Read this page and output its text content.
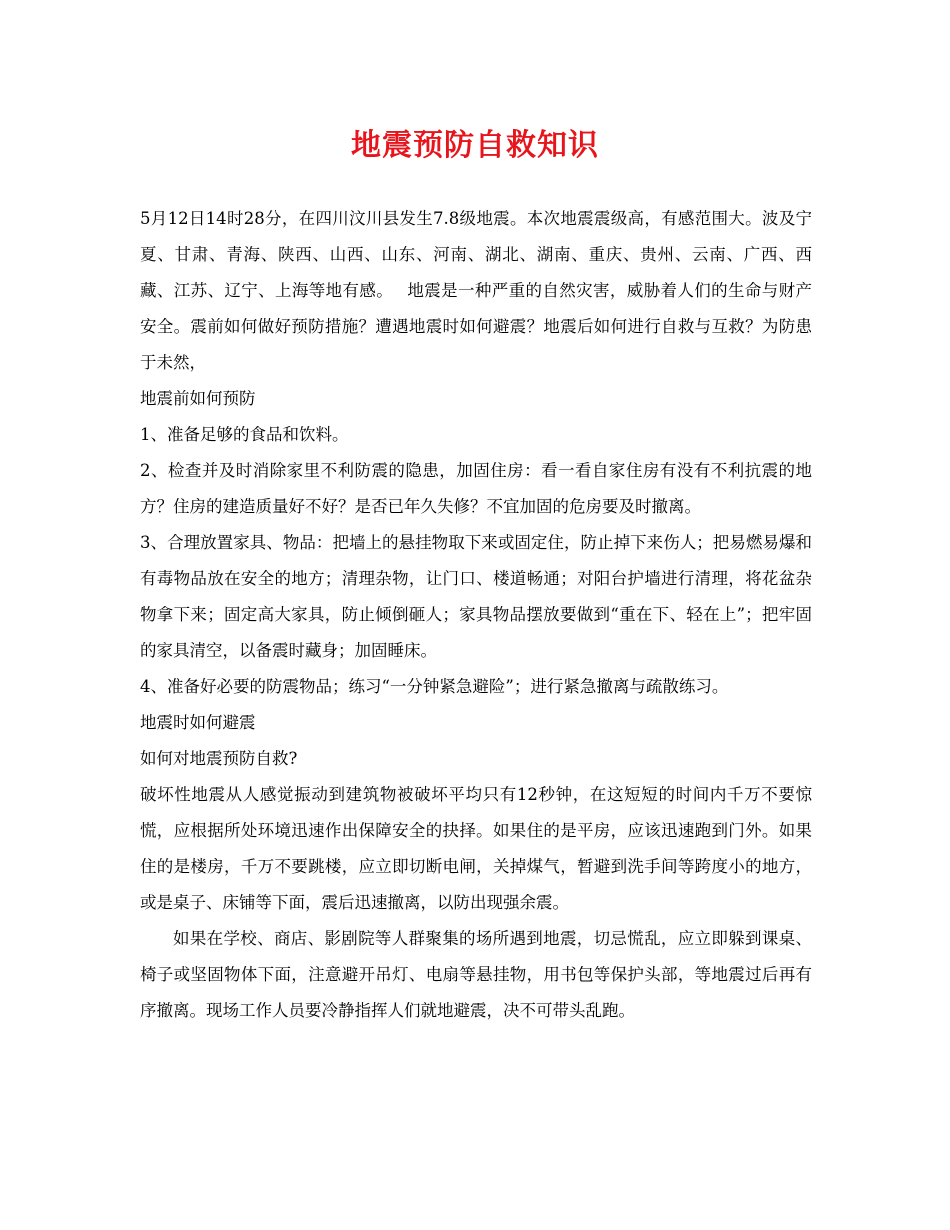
地震预防自救知识

5月12日14时28分，在四川汶川县发生7.8级地震。本次地震震级高，有感范围大。波及宁夏、甘肃、青海、陕西、山西、山东、河南、湖北、湖南、重庆、贵州、云南、广西、西藏、江苏、辽宁、上海等地有感。　 地震是一种严重的自然灾害，威胁着人们的生命与财产安全。震前如何做好预防措施？遭遇地震时如何避震？地震后如何进行自救与互救？为防患于未然，

地震前如何预防

1、准备足够的食品和饮料。

2、检查并及时消除家里不利防震的隐患，加固住房：看一看自家住房有没有不利抗震的地方？住房的建造质量好不好？是否已年久失修？不宜加固的危房要及时撤离。

3、合理放置家具、物品：把墙上的悬挂物取下来或固定住，防止掉下来伤人；把易燃易爆和有毒物品放在安全的地方；清理杂物，让门口、楼道畅通；对阳台护墙进行清理，将花盆杂物拿下来；固定高大家具，防止倾倒砸人；家具物品摆放要做到“重在下、轻在上”；把牢固的家具清空，以备震时藏身；加固睡床。

4、准备好必要的防震物品；练习“一分钟紧急避险”；进行紧急撤离与疏散练习。

地震时如何避震

如何对地震预防自救?

破坏性地震从人感觉振动到建筑物被破坏平均只有12秒钟，在这短短的时间内千万不要惊慌，应根据所处环境迅速作出保障安全的抉择。如果住的是平房，应该迅速跑到门外。如果住的是楼房，千万不要跳楼，应立即切断电闸，关掉煤气，暂避到洗手间等跨度小的地方，或是桌子、床铺等下面，震后迅速撤离，以防出现强余震。

如果在学校、商店、影剧院等人群聚集的场所遇到地震，切忌慌乱，应立即躲到课桌、椅子或坚固物体下面，注意避开吊灯、电扇等悬挂物，用书包等保护头部，等地震过后再有序撤离。现场工作人员要冷静指挥人们就地避震，决不可带头乱跑。
